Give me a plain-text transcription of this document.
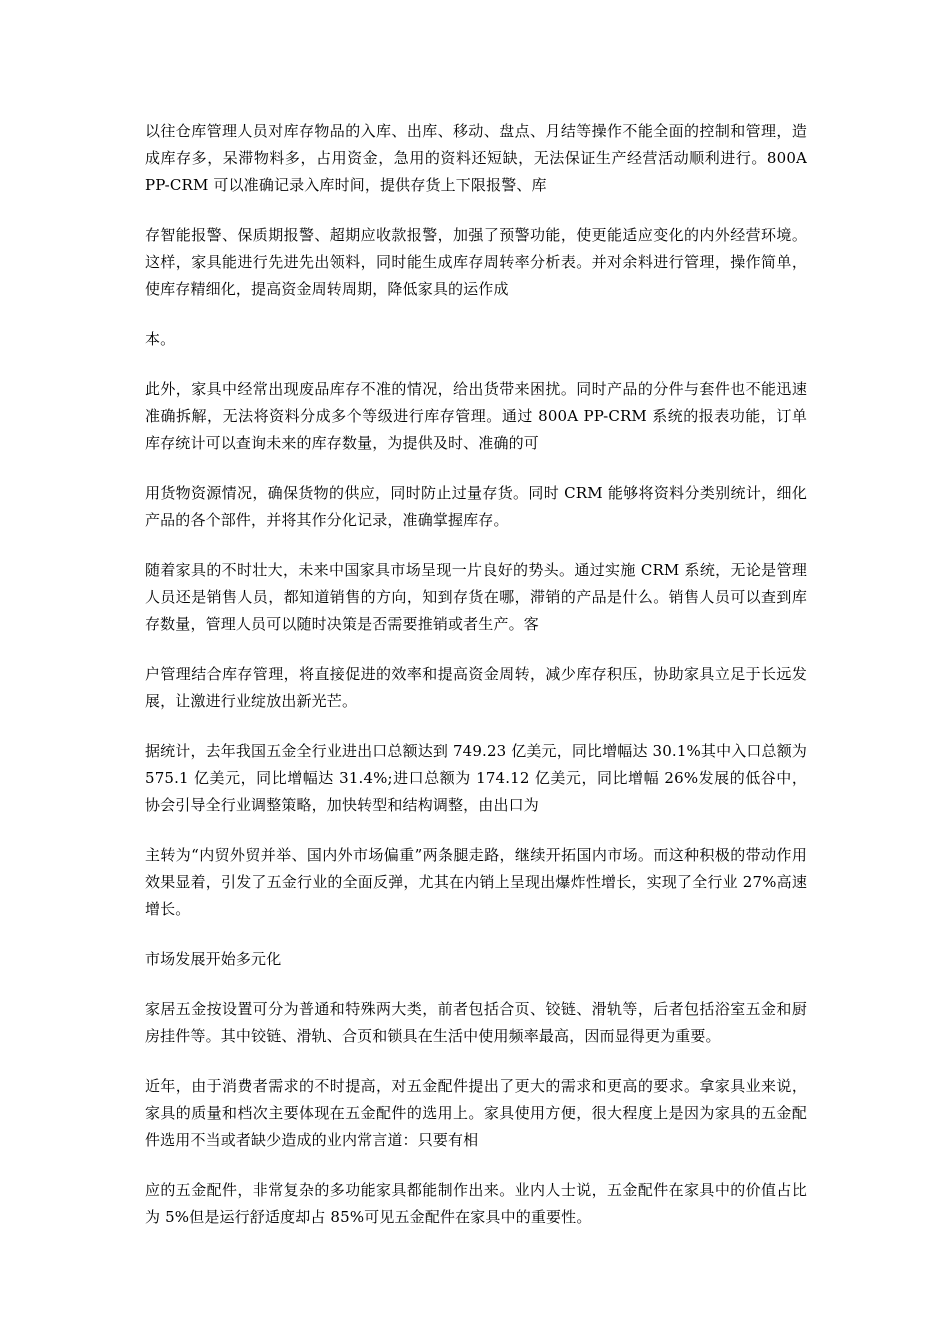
以往仓库管理人员对库存物品的入库、出库、移动、盘点、月结等操作不能全面的控制和管理，造成库存多，呆滞物料多，占用资金，急用的资料还短缺，无法保证生产经营活动顺利进行。800A PP-CRM 可以准确记录入库时间，提供存货上下限报警、库

存智能报警、保质期报警、超期应收款报警，加强了预警功能，使更能适应变化的内外经营环境。这样，家具能进行先进先出领料，同时能生成库存周转率分析表。并对余料进行管理，操作简单，使库存精细化，提高资金周转周期，降低家具的运作成

本。

此外，家具中经常出现废品库存不准的情况，给出货带来困扰。同时产品的分件与套件也不能迅速准确拆解，无法将资料分成多个等级进行库存管理。通过 800A PP-CRM 系统的报表功能，订单库存统计可以查询未来的库存数量，为提供及时、准确的可

用货物资源情况，确保货物的供应，同时防止过量存货。同时 CRM 能够将资料分类别统计，细化产品的各个部件，并将其作分化记录，准确掌握库存。

随着家具的不时壮大，未来中国家具市场呈现一片良好的势头。通过实施 CRM 系统，无论是管理人员还是销售人员，都知道销售的方向，知到存货在哪，滞销的产品是什么。销售人员可以查到库存数量，管理人员可以随时决策是否需要推销或者生产。客

户管理结合库存管理，将直接促进的效率和提高资金周转，减少库存积压，协助家具立足于长远发展，让激进行业绽放出新光芒。

据统计，去年我国五金全行业进出口总额达到 749.23 亿美元，同比增幅达 30.1%其中入口总额为 575.1 亿美元，同比增幅达 31.4%;进口总额为 174.12 亿美元，同比增幅 26%发展的低谷中，协会引导全行业调整策略，加快转型和结构调整，由出口为

主转为“内贸外贸并举、国内外市场偏重”两条腿走路，继续开拓国内市场。而这种积极的带动作用效果显着，引发了五金行业的全面反弹，尤其在内销上呈现出爆炸性增长，实现了全行业 27%高速增长。

市场发展开始多元化

家居五金按设置可分为普通和特殊两大类，前者包括合页、铰链、滑轨等，后者包括浴室五金和厨房挂件等。其中铰链、滑轨、合页和锁具在生活中使用频率最高，因而显得更为重要。

近年，由于消费者需求的不时提高，对五金配件提出了更大的需求和更高的要求。拿家具业来说，家具的质量和档次主要体现在五金配件的选用上。家具使用方便，很大程度上是因为家具的五金配件选用不当或者缺少造成的业内常言道：只要有相

应的五金配件，非常复杂的多功能家具都能制作出来。业内人士说，五金配件在家具中的价值占比为 5%但是运行舒适度却占 85%可见五金配件在家具中的重要性。
